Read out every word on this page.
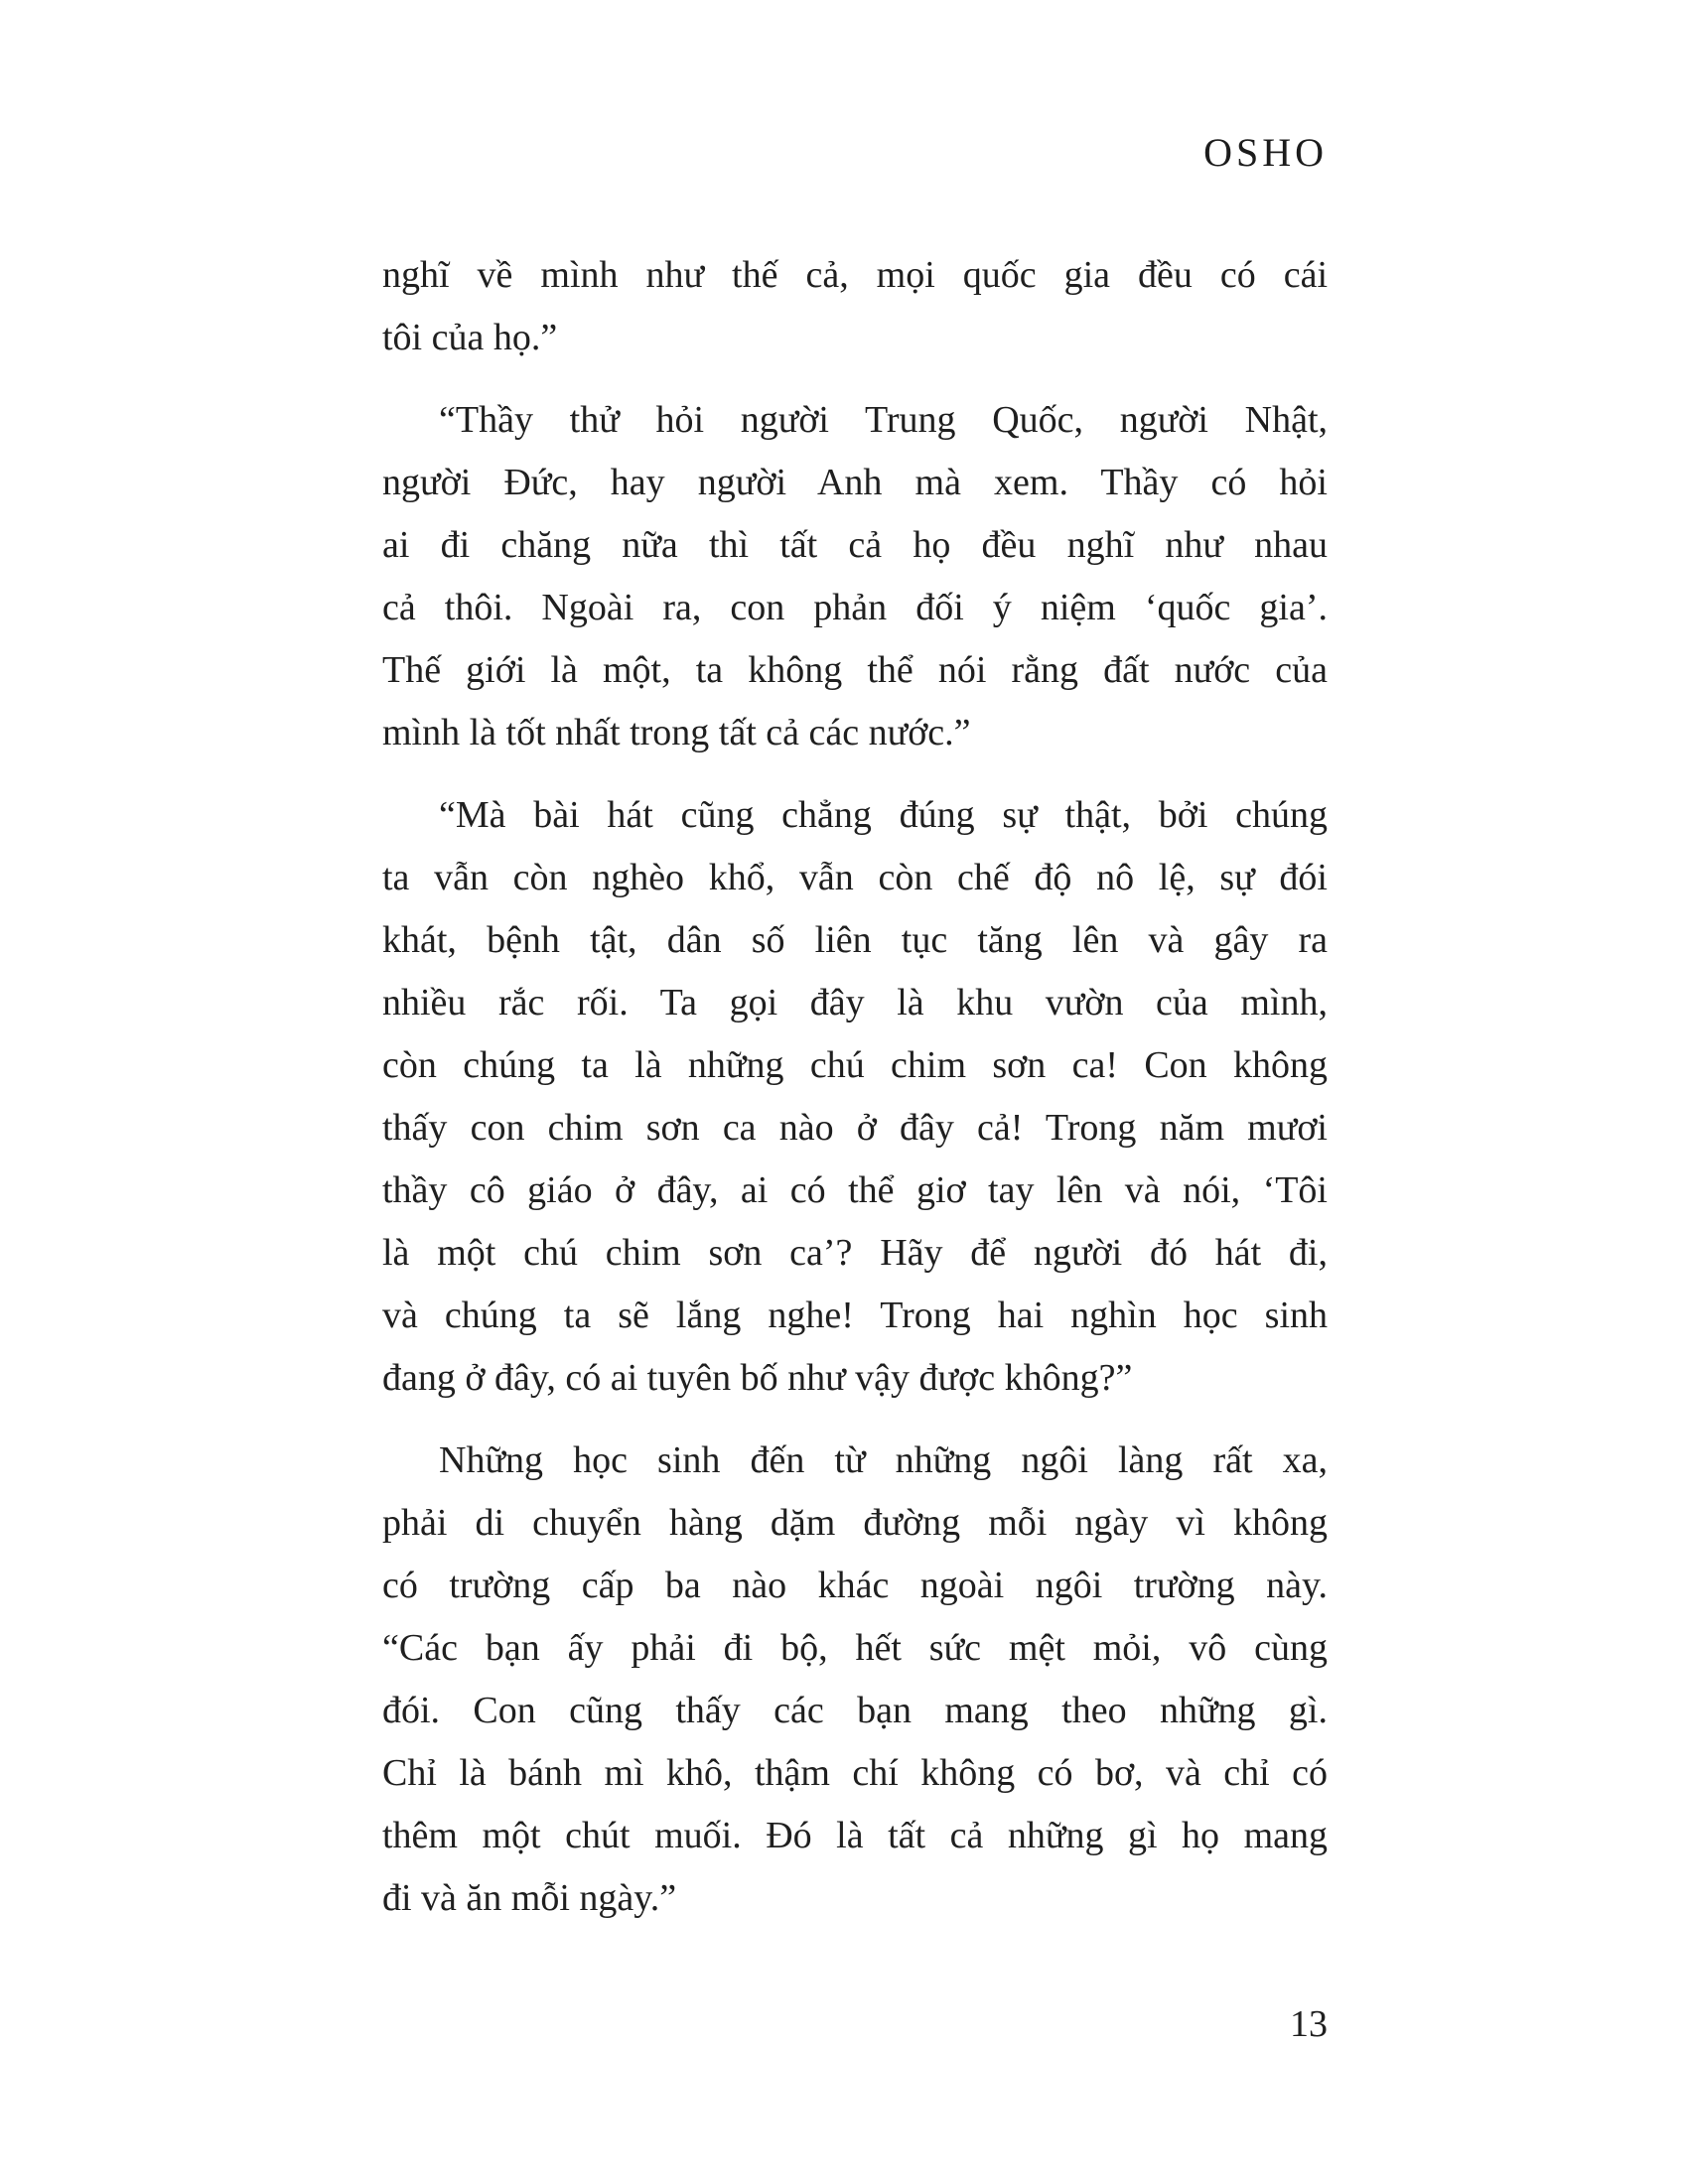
OSHO
nghĩ về mình như thế cả, mọi quốc gia đều có cái
tôi của họ.”
“Thầy thử hỏi người Trung Quốc, người Nhật,
người Đức, hay người Anh mà xem. Thầy có hỏi
ai đi chăng nữa thì tất cả họ đều nghĩ như nhau
cả thôi. Ngoài ra, con phản đối ý niệm ‘quốc gia’.
Thế giới là một, ta không thể nói rằng đất nước của
mình là tốt nhất trong tất cả các nước.”
“Mà bài hát cũng chẳng đúng sự thật, bởi chúng
ta vẫn còn nghèo khổ, vẫn còn chế độ nô lệ, sự đói
khát, bệnh tật, dân số liên tục tăng lên và gây ra
nhiều rắc rối. Ta gọi đây là khu vườn của mình,
còn chúng ta là những chú chim sơn ca! Con không
thấy con chim sơn ca nào ở đây cả! Trong năm mươi
thầy cô giáo ở đây, ai có thể giơ tay lên và nói, ‘Tôi
là một chú chim sơn ca’? Hãy để người đó hát đi,
và chúng ta sẽ lắng nghe! Trong hai nghìn học sinh
đang ở đây, có ai tuyên bố như vậy được không?”
Những học sinh đến từ những ngôi làng rất xa,
phải di chuyển hàng dặm đường mỗi ngày vì không
có trường cấp ba nào khác ngoài ngôi trường này.
“Các bạn ấy phải đi bộ, hết sức mệt mỏi, vô cùng
đói. Con cũng thấy các bạn mang theo những gì.
Chỉ là bánh mì khô, thậm chí không có bơ, và chỉ có
thêm một chút muối. Đó là tất cả những gì họ mang
đi và ăn mỗi ngày.”
13
